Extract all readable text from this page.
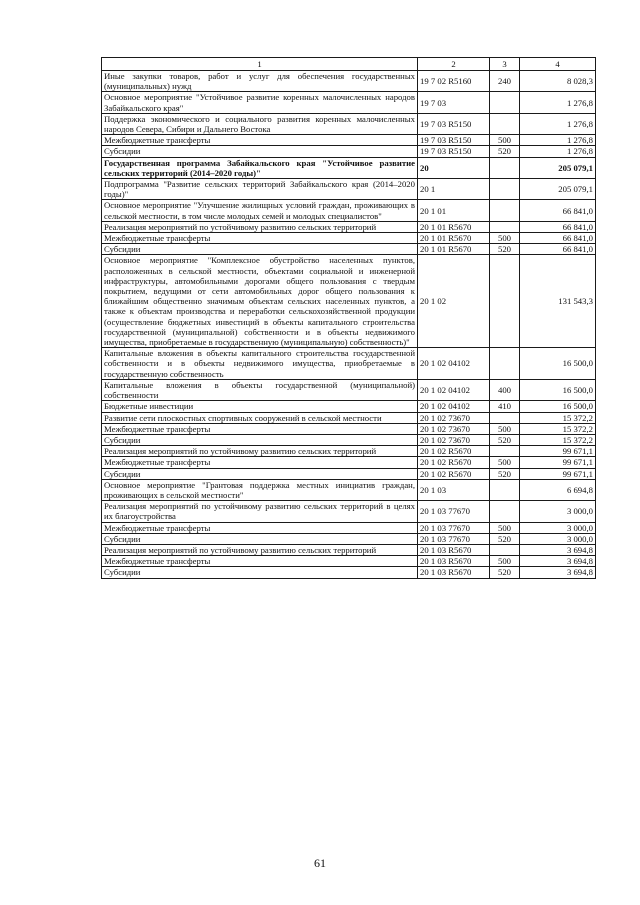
1	2	3	4
Иные закупки товаров, работ и услуг для обеспечения государственных (муниципальных) нужд	19 7 02 R5160	240	8 028,3
Основное мероприятие "Устойчивое развитие коренных малочисленных народов Забайкальского края"	19 7 03		1 276,8
Поддержка экономического и социального развития коренных малочисленных народов Севера, Сибири и Дальнего Востока	19 7 03 R5150		1 276,8
Межбюджетные трансферты	19 7 03 R5150	500	1 276,8
Субсидии	19 7 03 R5150	520	1 276,8
Государственная программа Забайкальского края "Устойчивое развитие сельских территорий (2014–2020 годы)"	20		205 079,1
Подпрограмма "Развитие сельских территорий Забайкальского края (2014–2020 годы)"	20 1		205 079,1
Основное мероприятие "Улучшение жилищных условий граждан, проживающих в сельской местности, в том числе молодых семей и молодых специалистов"	20 1 01		66 841,0
Реализация мероприятий по устойчивому развитию сельских территорий	20 1 01 R5670		66 841,0
Межбюджетные трансферты	20 1 01 R5670	500	66 841,0
Субсидии	20 1 01 R5670	520	66 841,0
Основное мероприятие "Комплексное обустройство населенных пунктов, расположенных в сельской местности, объектами социальной и инженерной инфраструктуры, автомобильными дорогами общего пользования с твердым покрытием, ведущими от сети автомобильных дорог общего пользования к ближайшим общественно значимым объектам сельских населенных пунктов, а также к объектам производства и переработки сельскохозяйственной продукции (осуществление бюджетных инвестиций в объекты капитального строительства государственной (муниципальной) собственности и в объекты недвижимого имущества, приобретаемые в государственную (муниципальную) собственность)"	20 1 02		131 543,3
Капитальные вложения в объекты капитального строительства государственной собственности и в объекты недвижимого имущества, приобретаемые в государственную собственность	20 1 02 04102		16 500,0
Капитальные вложения в объекты государственной (муниципальной) собственности	20 1 02 04102	400	16 500,0
Бюджетные инвестиции	20 1 02 04102	410	16 500,0
Развитие сети плоскостных спортивных сооружений в сельской местности	20 1 02 73670		15 372,2
Межбюджетные трансферты	20 1 02 73670	500	15 372,2
Субсидии	20 1 02 73670	520	15 372,2
Реализация мероприятий по устойчивому развитию сельских территорий	20 1 02 R5670		99 671,1
Межбюджетные трансферты	20 1 02 R5670	500	99 671,1
Субсидии	20 1 02 R5670	520	99 671,1
Основное мероприятие "Грантовая поддержка местных инициатив граждан, проживающих в сельской местности"	20 1 03		6 694,8
Реализация мероприятий по устойчивому развитию сельских территорий в целях их благоустройства	20 1 03 77670		3 000,0
Межбюджетные трансферты	20 1 03 77670	500	3 000,0
Субсидии	20 1 03 77670	520	3 000,0
Реализация мероприятий по устойчивому развитию сельских территорий	20 1 03 R5670		3 694,8
Межбюджетные трансферты	20 1 03 R5670	500	3 694,8
Субсидии	20 1 03 R5670	520	3 694,8
61
